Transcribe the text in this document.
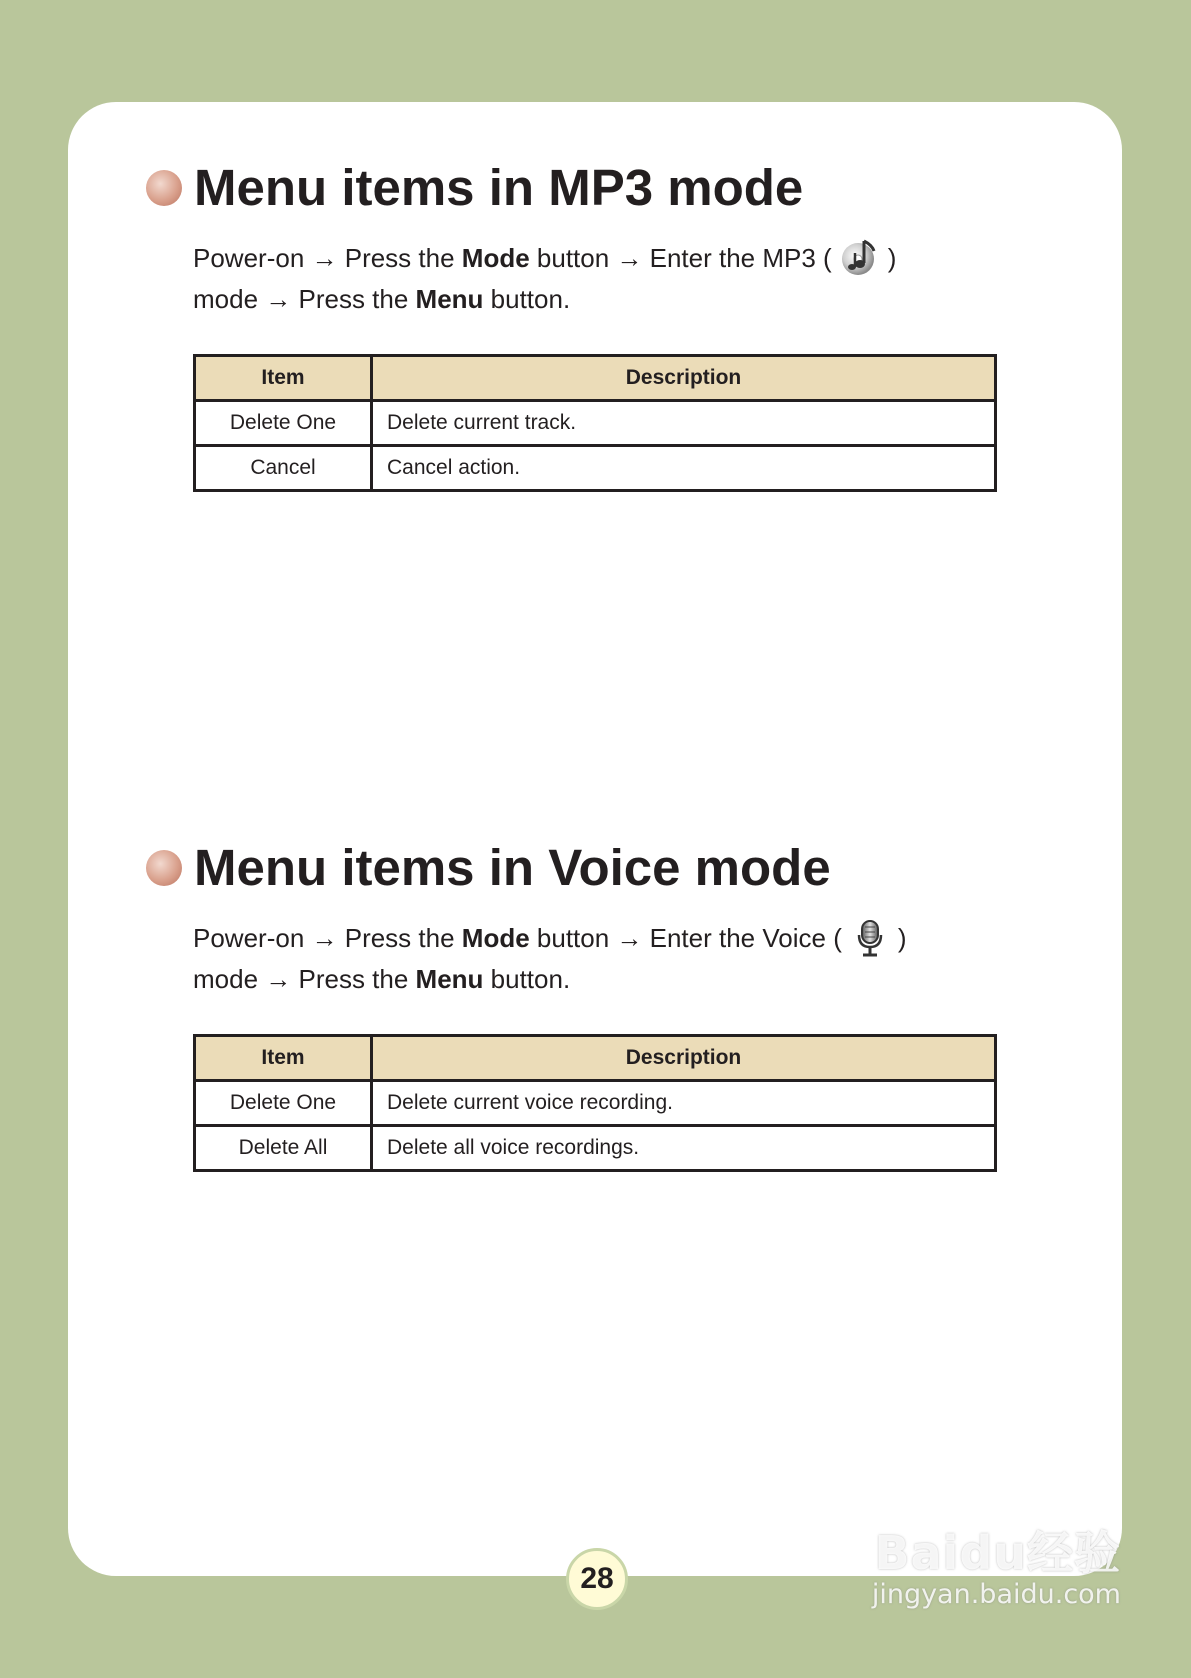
Menu items in MP3 mode
Power-on → Press the Mode button → Enter the MP3 ( )
mode → Press the Menu button.
Item	Description
Delete One	Delete current track.
Cancel	Cancel action.
Menu items in Voice mode
Power-on → Press the Mode button → Enter the Voice ( )
mode → Press the Menu button.
Item	Description
Delete One	Delete current voice recording.
Delete All	Delete all voice recordings.
28	Baidu经验
jingyan.baidu.com
